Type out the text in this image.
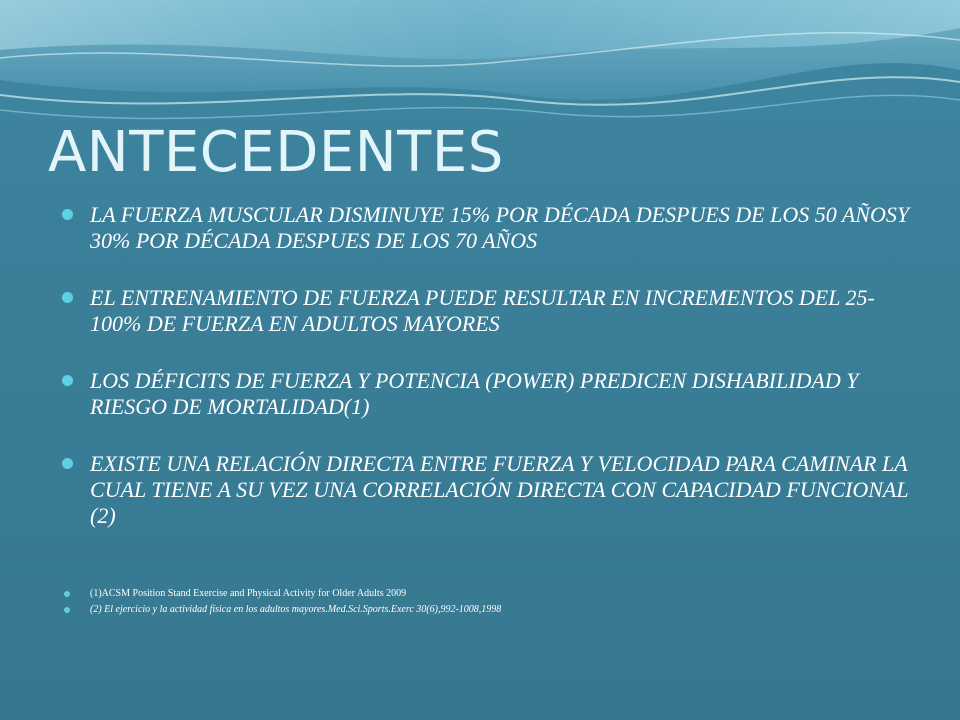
ANTECEDENTES
LA FUERZA MUSCULAR DISMINUYE 15% POR DÉCADA DESPUES DE LOS 50 AÑOSY 30% POR DÉCADA DESPUES DE LOS 70 AÑOS
EL ENTRENAMIENTO DE FUERZA PUEDE RESULTAR EN INCREMENTOS DEL 25-100% DE FUERZA EN ADULTOS MAYORES
LOS DÉFICITS DE FUERZA Y POTENCIA (POWER) PREDICEN DISHABILIDAD Y RIESGO DE MORTALIDAD(1)
EXISTE UNA RELACIÓN DIRECTA ENTRE FUERZA Y VELOCIDAD PARA CAMINAR LA CUAL TIENE A SU VEZ UNA CORRELACIÓN DIRECTA CON CAPACIDAD FUNCIONAL (2)
(1)ACSM Position Stand Exercise and Physical Activity for Older Adults 2009
(2) El ejercicio y la actividad física en los adultos mayores.Med.Sci.Sports.Exerc 30(6),992-1008,1998
